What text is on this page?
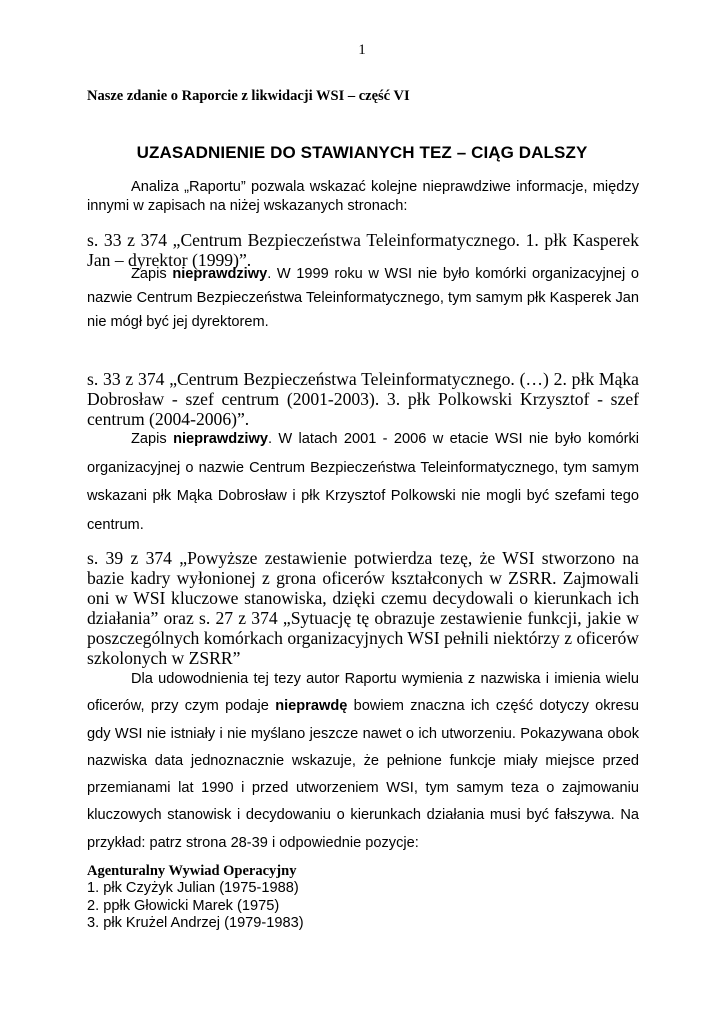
1
Nasze zdanie o Raporcie z likwidacji WSI – część VI
UZASADNIENIE DO STAWIANYCH TEZ – CIĄG DALSZY
Analiza „Raportu” pozwala wskazać kolejne nieprawdziwe informacje, między innymi w zapisach na niżej wskazanych stronach:
s. 33 z 374 „Centrum Bezpieczeństwa Teleinformatycznego. 1. płk Kasperek Jan – dyrektor (1999)”.
Zapis nieprawdziwy. W 1999 roku w WSI nie było komórki organizacyjnej o nazwie Centrum Bezpieczeństwa Teleinformatycznego, tym samym płk Kasperek Jan nie mógł być jej dyrektorem.
s. 33 z 374 „Centrum Bezpieczeństwa Teleinformatycznego. (…) 2. płk Mąka Dobrosław - szef centrum (2001-2003). 3. płk Polkowski Krzysztof - szef centrum (2004-2006)”.
Zapis nieprawdziwy. W latach 2001 - 2006 w etacie WSI nie było komórki organizacyjnej o nazwie Centrum Bezpieczeństwa Teleinformatycznego, tym samym wskazani płk Mąka Dobrosław i płk Krzysztof Polkowski nie mogli być szefami tego centrum.
s. 39 z 374 „Powyższe zestawienie potwierdza tezę, że WSI stworzono na bazie kadry wyłonionej z grona oficerów kształconych w ZSRR. Zajmowali oni w WSI kluczowe stanowiska, dzięki czemu decydowali o kierunkach ich działania” oraz s. 27 z 374 „Sytuację tę obrazuje zestawienie funkcji, jakie w poszczególnych komórkach organizacyjnych WSI pełnili niektórzy z oficerów szkolonych w ZSRR”
Dla udowodnienia tej tezy autor Raportu wymienia z nazwiska i imienia wielu oficerów, przy czym podaje nieprawdę bowiem znaczna ich część dotyczy okresu gdy WSI nie istniały i nie myślano jeszcze nawet o ich utworzeniu. Pokazywana obok nazwiska data jednoznacznie wskazuje, że pełnione funkcje miały miejsce przed przemianami lat 1990 i przed utworzeniem WSI, tym samym teza o zajmowaniu kluczowych stanowisk i decydowaniu o kierunkach działania musi być fałszywa. Na przykład: patrz strona 28-39 i odpowiednie pozycje:
Agenturalny Wywiad Operacyjny
1. płk Czyżyk Julian (1975-1988)
2. ppłk Głowicki Marek (1975)
3. płk Krużel Andrzej (1979-1983)
